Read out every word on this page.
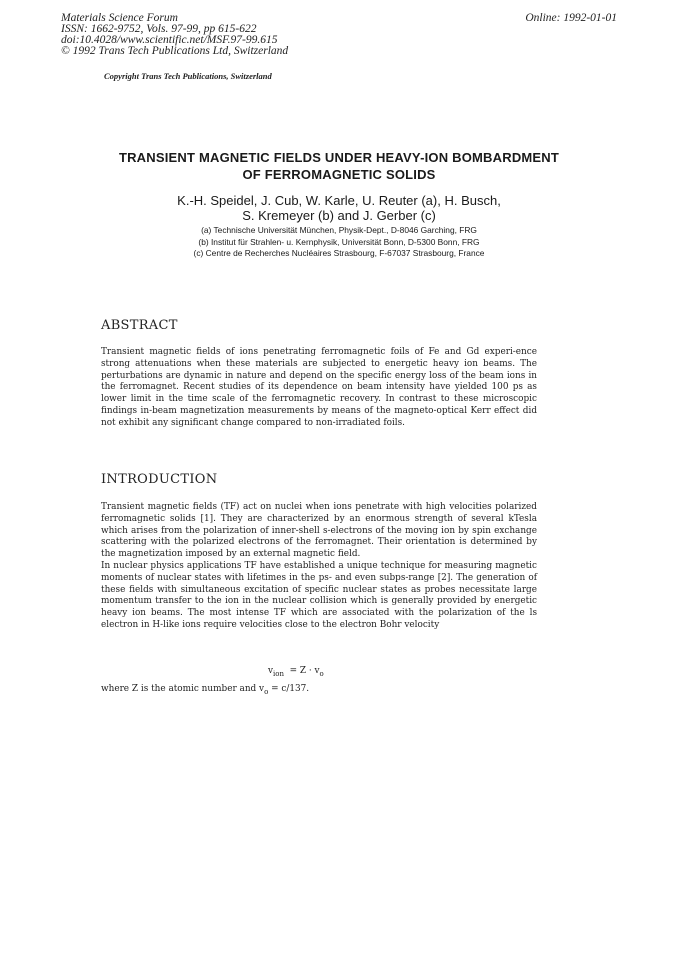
Materials Science Forum
ISSN: 1662-9752, Vols. 97-99, pp 615-622
doi:10.4028/www.scientific.net/MSF.97-99.615
© 1992 Trans Tech Publications Ltd, Switzerland
Online: 1992-01-01
Copyright Trans Tech Publications, Switzerland
TRANSIENT MAGNETIC FIELDS UNDER HEAVY-ION BOMBARDMENT
OF FERROMAGNETIC SOLIDS
K.-H. Speidel, J. Cub, W. Karle, U. Reuter (a), H. Busch,
S. Kremeyer (b) and J. Gerber (c)
(a) Technische Universität München, Physik-Dept., D-8046 Garching, FRG
(b) Institut für Strahlen- u. Kernphysik, Universität Bonn, D-5300 Bonn, FRG
(c) Centre de Recherches Nucléaires Strasbourg, F-67037 Strasbourg, France
ABSTRACT

Transient magnetic fields of ions penetrating ferromagnetic foils of Fe and Gd experi-ence strong attenuations when these materials are subjected to energetic heavy ion beams. The perturbations are dynamic in nature and depend on the specific energy loss of the beam ions in the ferromagnet. Recent studies of its dependence on beam intensity have yielded 100 ps as lower limit in the time scale of the ferromagnetic recovery. In contrast to these microscopic findings in-beam magnetization measurements by means of the magneto-optical Kerr effect did not exhibit any significant change compared to non-irradiated foils.

INTRODUCTION

Transient magnetic fields (TF) act on nuclei when ions penetrate with high velocities polarized ferromagnetic solids [1]. They are characterized by an enormous strength of several kTesla which arises from the polarization of inner-shell s-electrons of the moving ion by spin exchange scattering with the polarized electrons of the ferromagnet. Their orientation is determined by the magnetization imposed by an external magnetic field.

In nuclear physics applications TF have established a unique technique for measuring magnetic moments of nuclear states with lifetimes in the ps- and even subps-range [2]. The generation of these fields with simultaneous excitation of specific nuclear states as probes necessitate large momentum transfer to the ion in the nuclear collision which is generally provided by energetic heavy ion beams. The most intense TF which are associated with the polarization of the ls electron in H-like ions require velocities close to the electron Bohr velocity

$v_{ion} = Z \cdot v_o$
where Z is the atomic number and $v_o = c/137$.
